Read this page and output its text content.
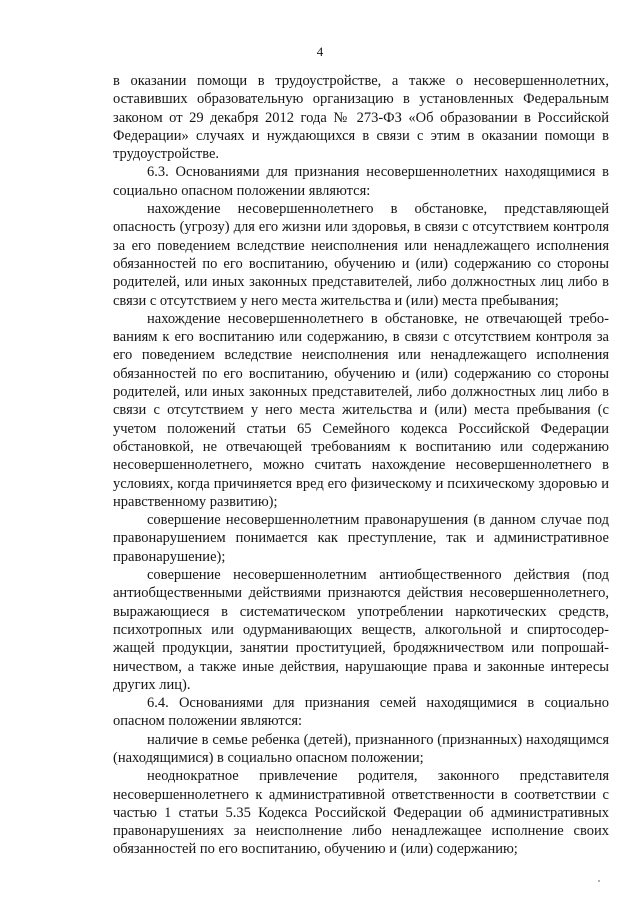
4

в оказании помощи в трудоустройстве, а также о несовершеннолетних, оставивших образовательную организацию в установленных Федеральным законом от 29 декабря 2012 года № 273-ФЗ «Об образовании в Российской Федерации» случаях и нуждающихся в связи с этим в оказании помощи в трудоустройстве.

6.3. Основаниями для признания несовершеннолетних находящимися в социально опасном положении являются:

нахождение несовершеннолетнего в обстановке, представляющей опасность (угрозу) для его жизни или здоровья, в связи с отсутствием контроля за его поведением вследствие неисполнения или ненадлежащего исполнения обязанностей по его воспитанию, обучению и (или) содержанию со стороны родителей, или иных законных представителей, либо должностных лиц либо в связи с отсутствием у него места жительства и (или) места пребывания;

нахождение несовершеннолетнего в обстановке, не отвечающей требованиям к его воспитанию или содержанию, в связи с отсутствием контроля за его поведением вследствие неисполнения или ненадлежащего исполнения обязанностей по его воспитанию, обучению и (или) содержанию со стороны родителей, или иных законных представителей, либо должностных лиц либо в связи с отсутствием у него места жительства и (или) места пребывания (с учетом положений статьи 65 Семейного кодекса Российской Федерации обстановкой, не отвечающей требованиям к воспитанию или содержанию несовершеннолетнего, можно считать нахождение несовершеннолетнего в условиях, когда причиняется вред его физическому и психическому здоровью и нравственному развитию);

совершение несовершеннолетним правонарушения (в данном случае под правонарушением понимается как преступление, так и административное правонарушение);

совершение несовершеннолетним антиобщественного действия (под антиобщественными действиями признаются действия несовершеннолетнего, выражающиеся в систематическом употреблении наркотических средств, психотропных или одурманивающих веществ, алкогольной и спиртосодержащей продукции, занятии проституцией, бродяжничеством или попрошайничеством, а также иные действия, нарушающие права и законные интересы других лиц).

6.4. Основаниями для признания семей находящимися в социально опасном положении являются:

наличие в семье ребенка (детей), признанного (признанных) находящимся (находящимися) в социально опасном положении;

неоднократное привлечение родителя, законного представителя несовершеннолетнего к административной ответственности в соответствии с частью 1 статьи 5.35 Кодекса Российской Федерации об административных правонарушениях за неисполнение либо ненадлежащее исполнение своих обязанностей по его воспитанию, обучению и (или) содержанию;
